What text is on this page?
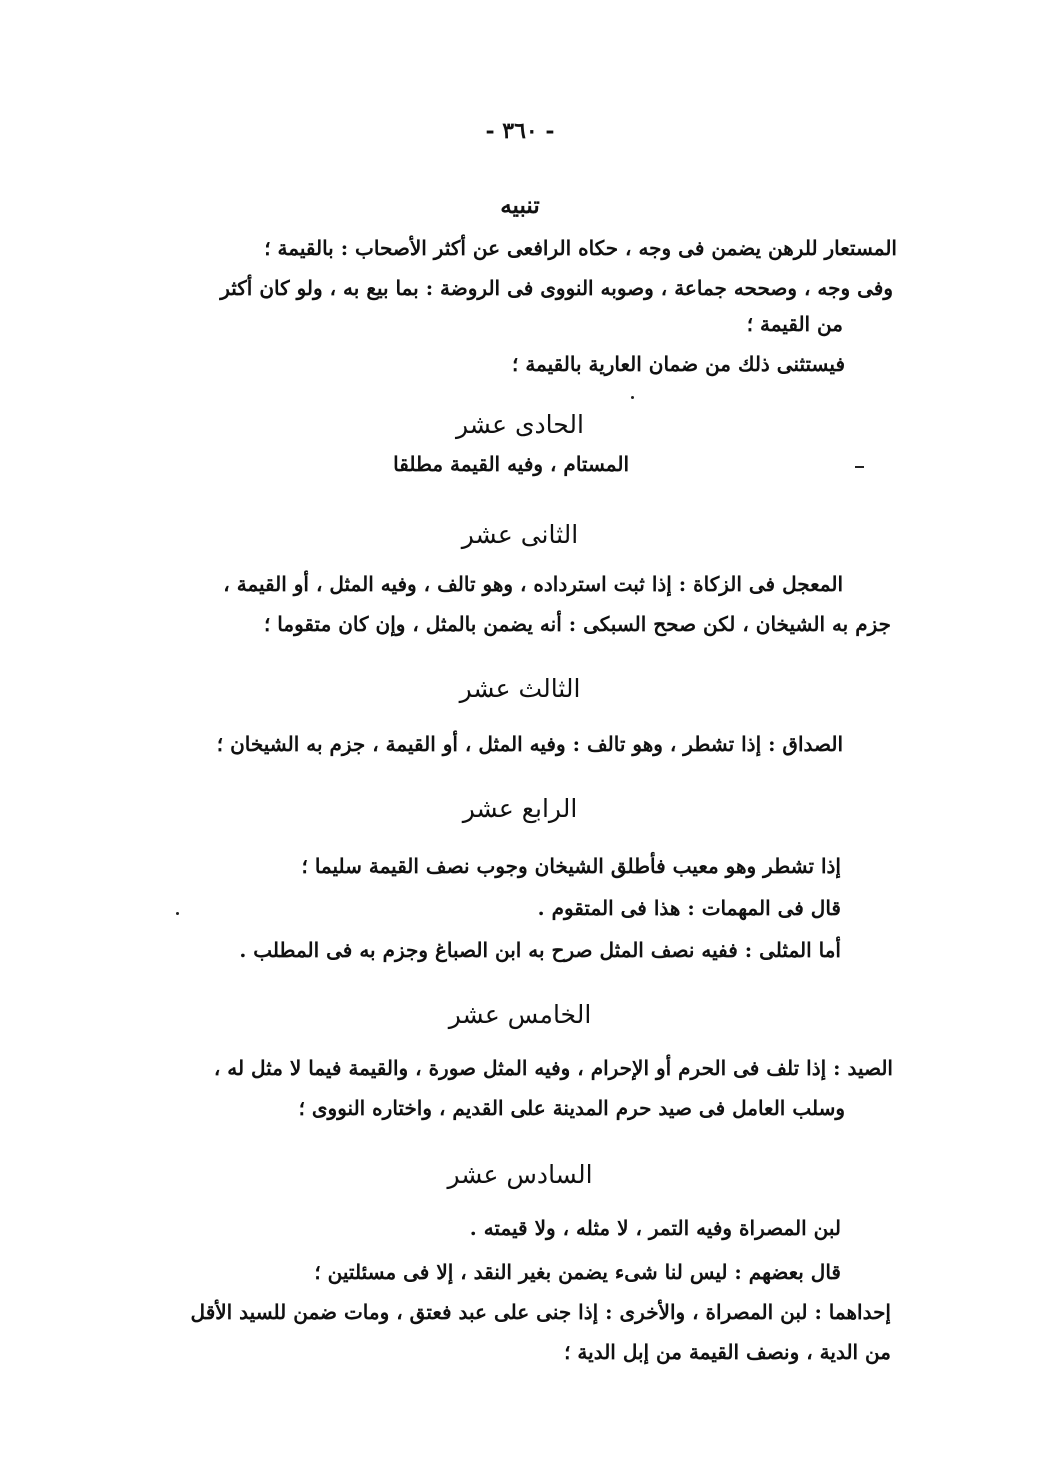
- ٣٦٠ -
تنبيه
المستعار للرهن يضمن فى وجه ، حكاه الرافعى عن أكثر الأصحاب : بالقيمة ؛
وفى وجه ، وصححه جماعة ، وصوبه النووى فى الروضة : بما بيع به ، ولو كان أكثر
من القيمة ؛
فيستثنى ذلك من ضمان العارية بالقيمة ؛
الحادى عشر
المستام ، وفيه القيمة مطلقا
الثانى عشر
المعجل فى الزكاة : إذا ثبت استرداده ، وهو تالف ، وفيه المثل ، أو القيمة ،
جزم به الشيخان ، لكن صحح السبكى : أنه يضمن بالمثل ، وإن كان متقوما ؛
الثالث عشر
الصداق : إذا تشطر ، وهو تالف : وفيه المثل ، أو القيمة ، جزم به الشيخان ؛
الرابع عشر
إذا تشطر وهو معيب فأطلق الشيخان وجوب نصف القيمة سليما ؛
قال فى المهمات : هذا فى المتقوم .
أما المثلى : ففيه نصف المثل صرح به ابن الصباغ وجزم به فى المطلب .
الخامس عشر
الصيد : إذا تلف فى الحرم أو الإحرام ، وفيه المثل صورة ، والقيمة فيما لا مثل له ،
وسلب العامل فى صيد حرم المدينة على القديم ، واختاره النووى ؛
السادس عشر
لبن المصراة وفيه التمر ، لا مثله ، ولا قيمته .
قال بعضهم : ليس لنا شىء يضمن بغير النقد ، إلا فى مسئلتين ؛
إحداهما : لبن المصراة ، والأخرى : إذا جنى على عبد فعتق ، ومات ضمن للسيد الأقل
من الدية ، ونصف القيمة من إبل الدية ؛
